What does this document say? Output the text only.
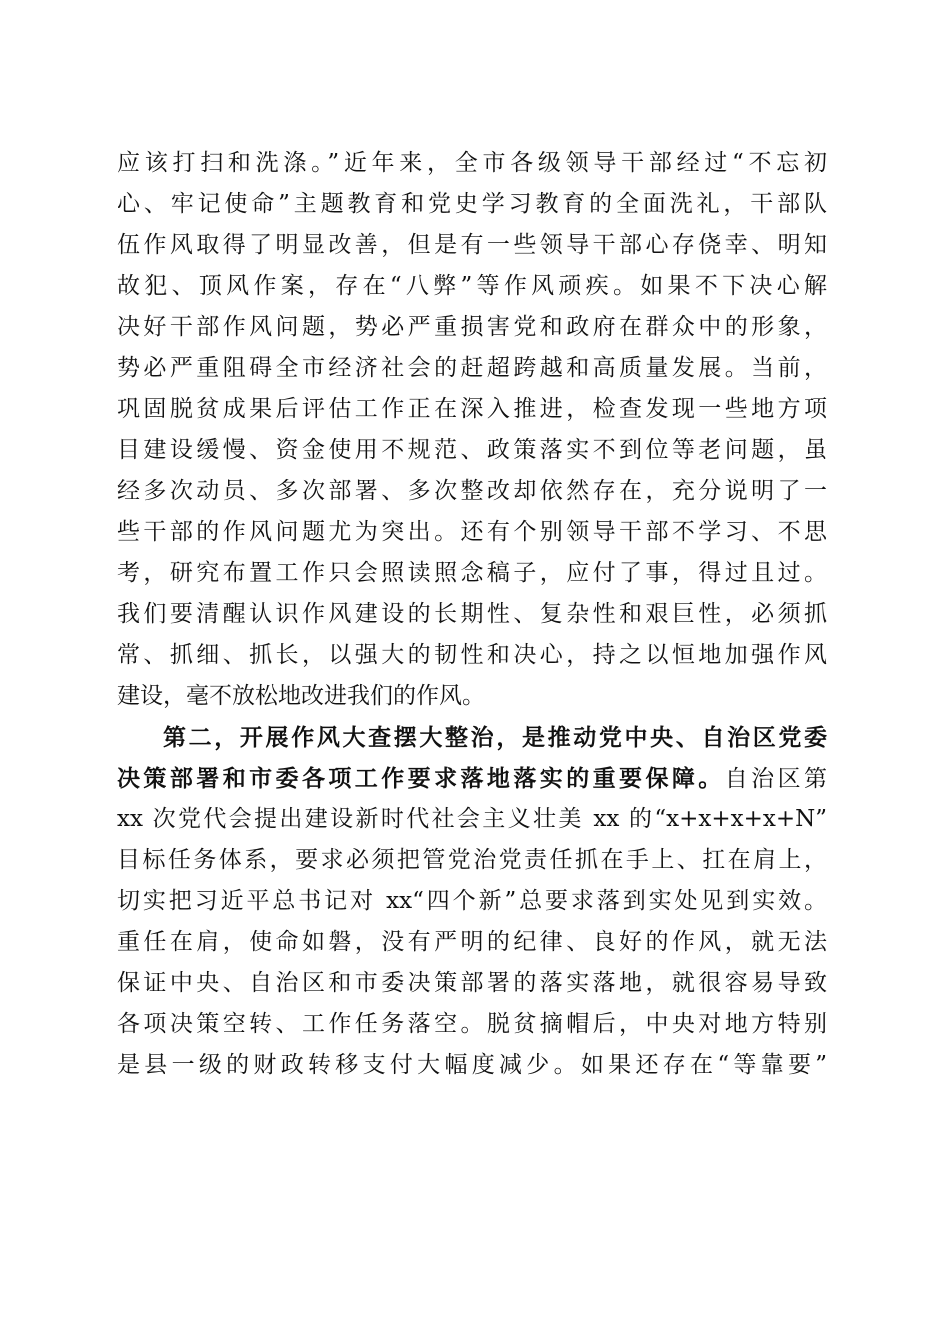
应该打扫和洗涤。”近年来，全市各级领导干部经过“不忘初
心、牢记使命”主题教育和党史学习教育的全面洗礼，干部队
伍作风取得了明显改善，但是有一些领导干部心存侥幸、明知
故犯、顶风作案，存在“八弊”等作风顽疾。如果不下决心解
决好干部作风问题，势必严重损害党和政府在群众中的形象，
势必严重阻碍全市经济社会的赶超跨越和高质量发展。当前，
巩固脱贫成果后评估工作正在深入推进，检查发现一些地方项
目建设缓慢、资金使用不规范、政策落实不到位等老问题，虽
经多次动员、多次部署、多次整改却依然存在，充分说明了一
些干部的作风问题尤为突出。还有个别领导干部不学习、不思
考，研究布置工作只会照读照念稿子，应付了事，得过且过。
我们要清醒认识作风建设的长期性、复杂性和艰巨性，必须抓
常、抓细、抓长，以强大的韧性和决心，持之以恒地加强作风
建设，毫不放松地改进我们的作风。
第二，开展作风大查摆大整治，是推动党中央、自治区党委
决策部署和市委各项工作要求落地落实的重要保障。自治区第
xx 次党代会提出建设新时代社会主义壮美 xx 的“x+x+x+x+N”
目标任务体系，要求必须把管党治党责任抓在手上、扛在肩上，
切实把习近平总书记对 xx“四个新”总要求落到实处见到实效。
重任在肩，使命如磐，没有严明的纪律、良好的作风，就无法
保证中央、自治区和市委决策部署的落实落地，就很容易导致
各项决策空转、工作任务落空。脱贫摘帽后，中央对地方特别
是县一级的财政转移支付大幅度减少。如果还存在“等靠要”
